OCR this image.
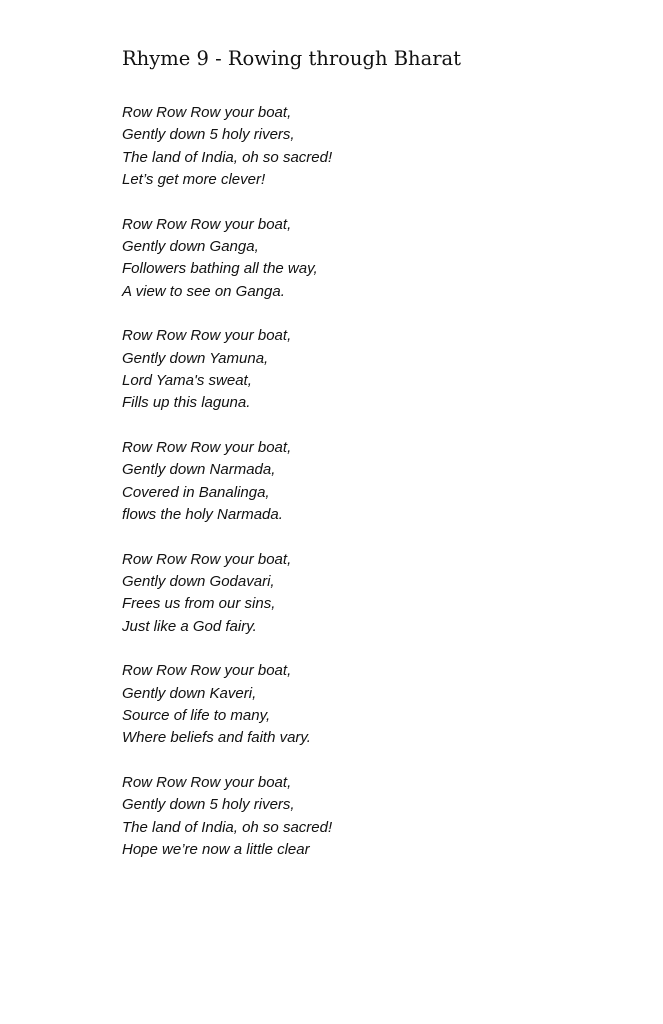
Rhyme 9 - Rowing through Bharat
Row Row Row your boat,
Gently down 5 holy rivers,
The land of India, oh so sacred!
Let’s get more clever!
Row Row Row your boat,
Gently down Ganga,
Followers bathing all the way,
A view to see on Ganga.
Row Row Row your boat,
Gently down Yamuna,
Lord Yama's sweat,
Fills up this laguna.
Row Row Row your boat,
Gently down Narmada,
Covered in Banalinga,
flows the holy Narmada.
Row Row Row your boat,
Gently down Godavari,
Frees us from our sins,
Just like a God fairy.
Row Row Row your boat,
Gently down Kaveri,
Source of life to many,
Where beliefs and faith vary.
Row Row Row your boat,
Gently down 5 holy rivers,
The land of India, oh so sacred!
Hope we’re now a little clear
